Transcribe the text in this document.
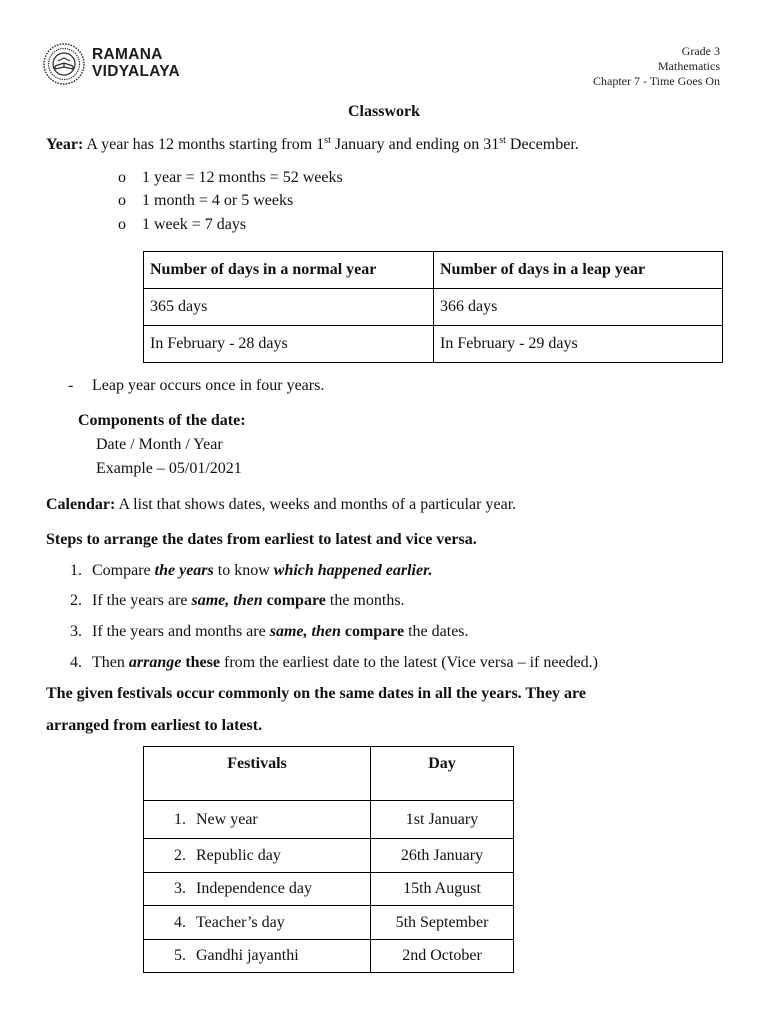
RAMANA
VIDYALAYA
Grade 3
Mathematics
Chapter 7 - Time Goes On
Classwork
Year: A year has 12 months starting from 1st January and ending on 31st December.
o 1 year = 12 months = 52 weeks
o 1 month = 4 or 5 weeks
o 1 week = 7 days
Number of days in a normal year	Number of days in a leap year
365 days	366 days
In February - 28 days	In February - 29 days
- Leap year occurs once in four years.
Components of the date:
Date / Month / Year
Example – 05/01/2021
Calendar: A list that shows dates, weeks and months of a particular year.
Steps to arrange the dates from earliest to latest and vice versa.
1. Compare the years to know which happened earlier.
2. If the years are same, then compare the months.
3. If the years and months are same, then compare the dates.
4. Then arrange these from the earliest date to the latest (Vice versa – if needed.)
The given festivals occur commonly on the same dates in all the years. They are
arranged from earliest to latest.
Festivals	Day
1. New year	1st January
2. Republic day	26th January
3. Independence day	15th August
4. Teacher’s day	5th September
5. Gandhi jayanthi	2nd October
